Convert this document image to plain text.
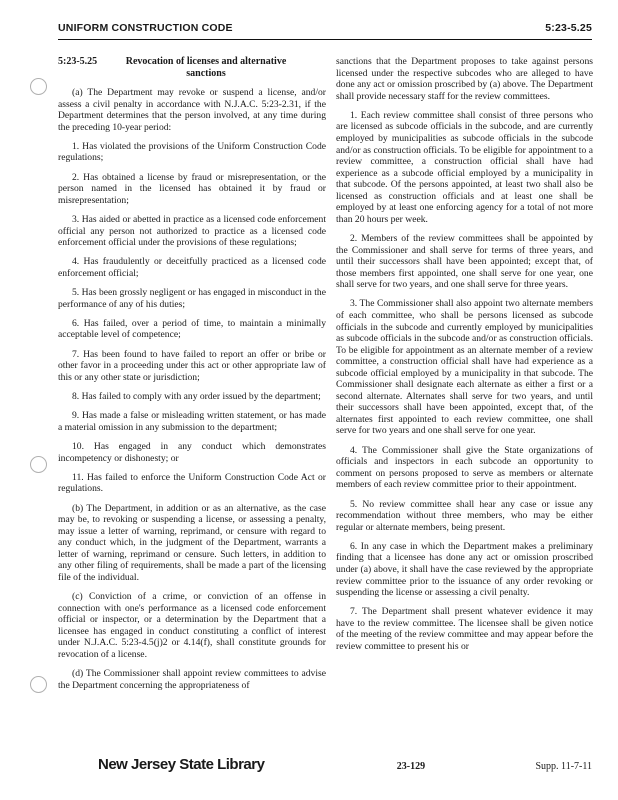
UNIFORM CONSTRUCTION CODE	5:23-5.25
5:23-5.25	Revocation of licenses and alternative sanctions

(a) The Department may revoke or suspend a license, and/or assess a civil penalty in accordance with N.J.A.C. 5:23-2.31, if the Department determines that the person involved, at any time during the preceding 10-year period:

1. Has violated the provisions of the Uniform Construction Code regulations;

2. Has obtained a license by fraud or misrepresentation, or the person named in the licensed has obtained it by fraud or misrepresentation;

3. Has aided or abetted in practice as a licensed code enforcement official any person not authorized to practice as a licensed code enforcement official under the provisions of these regulations;

4. Has fraudulently or deceitfully practiced as a licensed code enforcement official;

5. Has been grossly negligent or has engaged in misconduct in the performance of any of his duties;

6. Has failed, over a period of time, to maintain a minimally acceptable level of competence;

7. Has been found to have failed to report an offer or bribe or other favor in a proceeding under this act or other appropriate law of this or any other state or jurisdiction;

8. Has failed to comply with any order issued by the department;

9. Has made a false or misleading written statement, or has made a material omission in any submission to the department;

10. Has engaged in any conduct which demonstrates incompetency or dishonesty; or

11. Has failed to enforce the Uniform Construction Code Act or regulations.

(b) The Department, in addition or as an alternative, as the case may be, to revoking or suspending a license, or assessing a penalty, may issue a letter of warning, reprimand, or censure with regard to any conduct which, in the judgment of the Department, warrants a letter of warning, reprimand or censure. Such letters, in addition to any other filing of requirements, shall be made a part of the licensing file of the individual.

(c) Conviction of a crime, or conviction of an offense in connection with one's performance as a licensed code enforcement official or inspector, or a determination by the Department that a licensee has engaged in conduct constituting a conflict of interest under N.J.A.C. 5:23-4.5(j)2 or 4.14(f), shall constitute grounds for revocation of a license.

(d) The Commissioner shall appoint review committees to advise the Department concerning the appropriateness of

sanctions that the Department proposes to take against persons licensed under the respective subcodes who are alleged to have done any act or omission proscribed by (a) above. The Department shall provide necessary staff for the review committees.

1. Each review committee shall consist of three persons who are licensed as subcode officials in the subcode, and are currently employed by municipalities as subcode officials in the subcode and/or as construction officials. To be eligible for appointment to a review committee, a construction official shall have had experience as a subcode official employed by a municipality in that subcode. Of the persons appointed, at least two shall also be licensed as construction officials and at least one shall be employed by at least one enforcing agency for a total of not more than 20 hours per week.

2. Members of the review committees shall be appointed by the Commissioner and shall serve for terms of three years, and until their successors shall have been appointed; except that, of those members first appointed, one shall serve for one year, one shall serve for two years, and one shall serve for three years.

3. The Commissioner shall also appoint two alternate members of each committee, who shall be persons licensed as subcode officials in the subcode and currently employed by municipalities as subcode officials in the subcode and/or as construction officials. To be eligible for appointment as an alternate member of a review committee, a construction official shall have had experience as a subcode official employed by a municipality in that subcode. The Commissioner shall designate each alternate as either a first or a second alternate. Alternates shall serve for two years, and until their successors shall have been appointed, except that, of the alternates first appointed to each review committee, one shall serve for two years and one shall serve for one year.

4. The Commissioner shall give the State organizations of officials and inspectors in each subcode an opportunity to comment on persons proposed to serve as members or alternate members of each review committee prior to their appointment.

5. No review committee shall hear any case or issue any recommendation without three members, who may be either regular or alternate members, being present.

6. In any case in which the Department makes a preliminary finding that a licensee has done any act or omission proscribed under (a) above, it shall have the case reviewed by the appropriate review committee prior to the issuance of any order revoking or suspending the license or assessing a civil penalty.

7. The Department shall present whatever evidence it may have to the review committee. The licensee shall be given notice of the meeting of the review committee and may appear before the review committee to present his or

New Jersey State Library	23-129	Supp. 11-7-11
